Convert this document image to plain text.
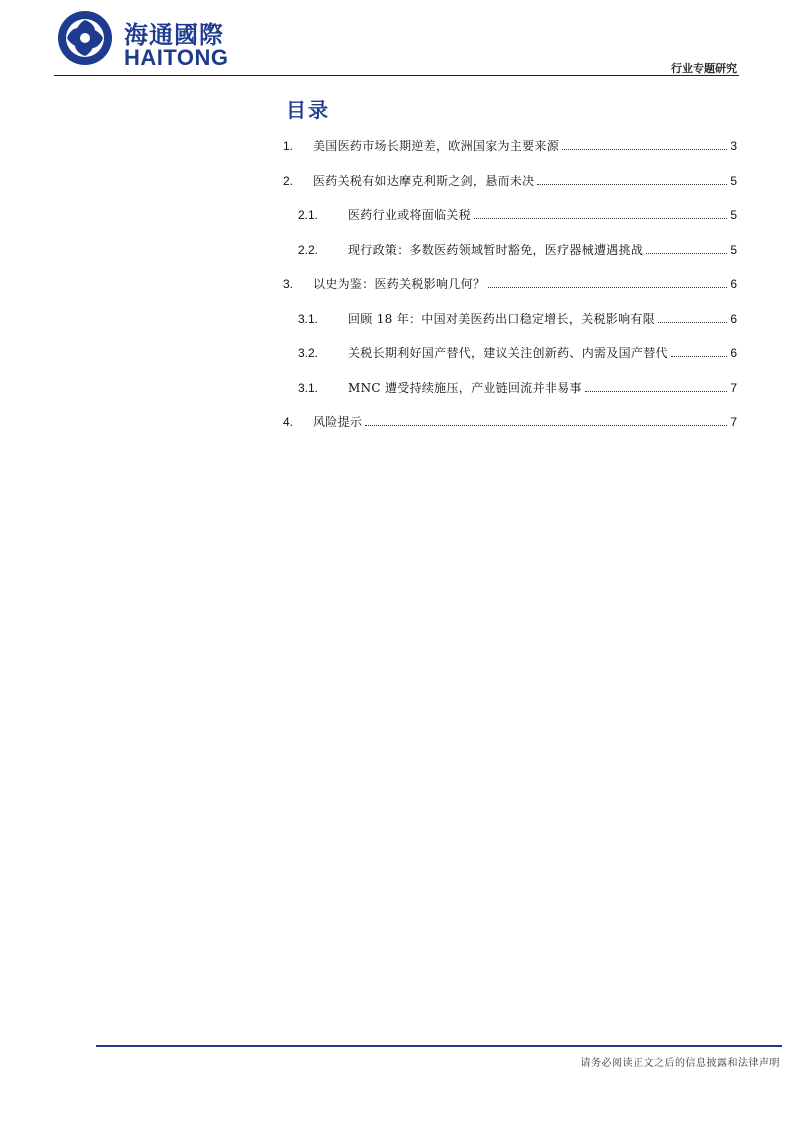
海通國際
HAITONG	行业专题研究
目录
1.	美国医药市场长期逆差，欧洲国家为主要来源	3
2.	医药关税有如达摩克利斯之剑，悬而未决	5
2.1.	医药行业或将面临关税	5
2.2.	现行政策：多数医药领域暂时豁免，医疗器械遭遇挑战	5
3.	以史为鉴：医药关税影响几何？	6
3.1.	回顾 18 年：中国对美医药出口稳定增长，关税影响有限	6
3.2.	关税长期利好国产替代，建议关注创新药、内需及国产替代	6
3.1.	MNC 遭受持续施压，产业链回流并非易事	7
4.	风险提示	7
请务必阅读正文之后的信息披露和法律声明
